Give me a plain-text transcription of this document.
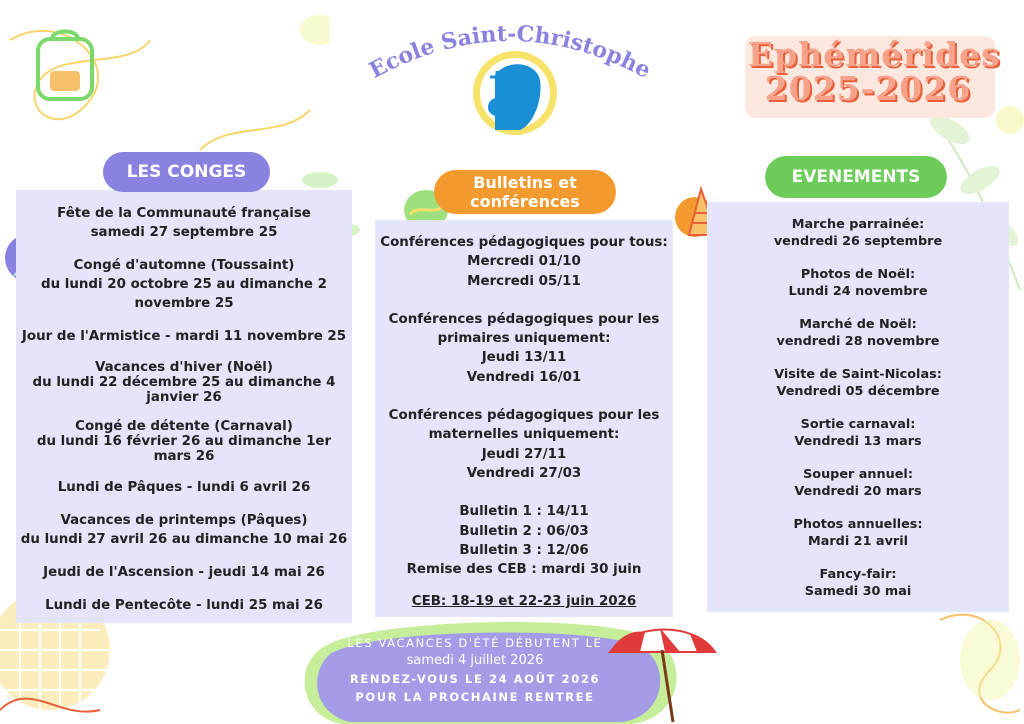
Ecole Saint-Christophe	Ephémérides
2025-2026
Fête de la Communauté française
samedi 27 septembre 25
Congé d'automne (Toussaint)
du lundi 20 octobre 25 au dimanche 2
novembre 25
Jour de l'Armistice - mardi 11 novembre 25
Vacances d'hiver (Noël)
du lundi 22 décembre 25 au dimanche 4
janvier 26
Congé de détente (Carnaval)
du lundi 16 février 26 au dimanche 1er
mars 26
Lundi de Pâques - lundi 6 avril 26
Vacances de printemps (Pâques)
du lundi 27 avril 26 au dimanche 10 mai 26
Jeudi de l'Ascension - jeudi 14 mai 26
Lundi de Pentecôte - lundi 25 mai 26
LES CONGES
Conférences pédagogiques pour tous:
Mercredi 01/10
Mercredi 05/11
Conférences pédagogiques pour les
primaires uniquement:
Jeudi 13/11
Vendredi 16/01
Conférences pédagogiques pour les
maternelles uniquement:
Jeudi 27/11
Vendredi 27/03
Bulletin 1 : 14/11
Bulletin 2 : 06/03
Bulletin 3 : 12/06
Remise des CEB : mardi 30 juin
Bulletins et
conférences
CEB: 18-19 et 22-23 juin 2026
Marche parrainée:
vendredi 26 septembre
Photos de Noël:
Lundi 24 novembre
Marché de Noël:
vendredi 28 novembre
Visite de Saint-Nicolas:
Vendredi 05 décembre
Sortie carnaval:
Vendredi 13 mars
Souper annuel:
Vendredi 20 mars
Photos annuelles:
Mardi 21 avril
Fancy-fair:
Samedi 30 mai
EVENEMENTS
LES VACANCES D'ÉTÉ DÉBUTENT LE
samedi 4 juillet 2026
RENDEZ-VOUS LE 24 AOÛT 2026
POUR LA PROCHAINE RENTREE
